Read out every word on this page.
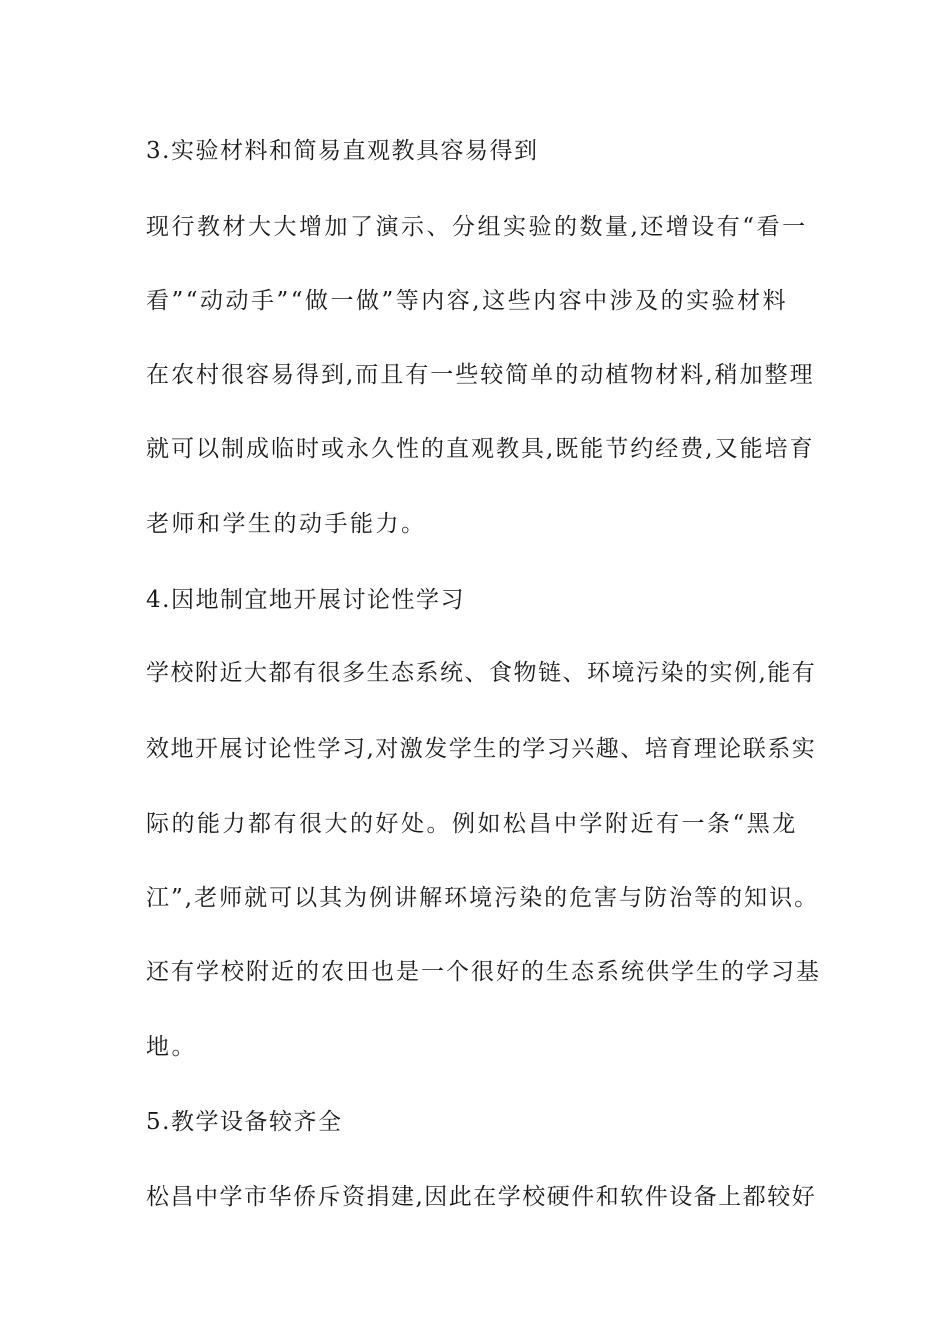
3.实验材料和简易直观教具容易得到
现行教材大大增加了演示、分组实验的数量,还增设有“看一
看”“动动手”“做一做”等内容,这些内容中涉及的实验材料
在农村很容易得到,而且有一些较简单的动植物材料,稍加整理
就可以制成临时或永久性的直观教具,既能节约经费,又能培育
老师和学生的动手能力。
4.因地制宜地开展讨论性学习
学校附近大都有很多生态系统、食物链、环境污染的实例,能有
效地开展讨论性学习,对激发学生的学习兴趣、培育理论联系实
际的能力都有很大的好处。例如松昌中学附近有一条“黑龙
江”,老师就可以其为例讲解环境污染的危害与防治等的知识。
还有学校附近的农田也是一个很好的生态系统供学生的学习基
地。
5.教学设备较齐全
松昌中学市华侨斥资捐建,因此在学校硬件和软件设备上都较好
